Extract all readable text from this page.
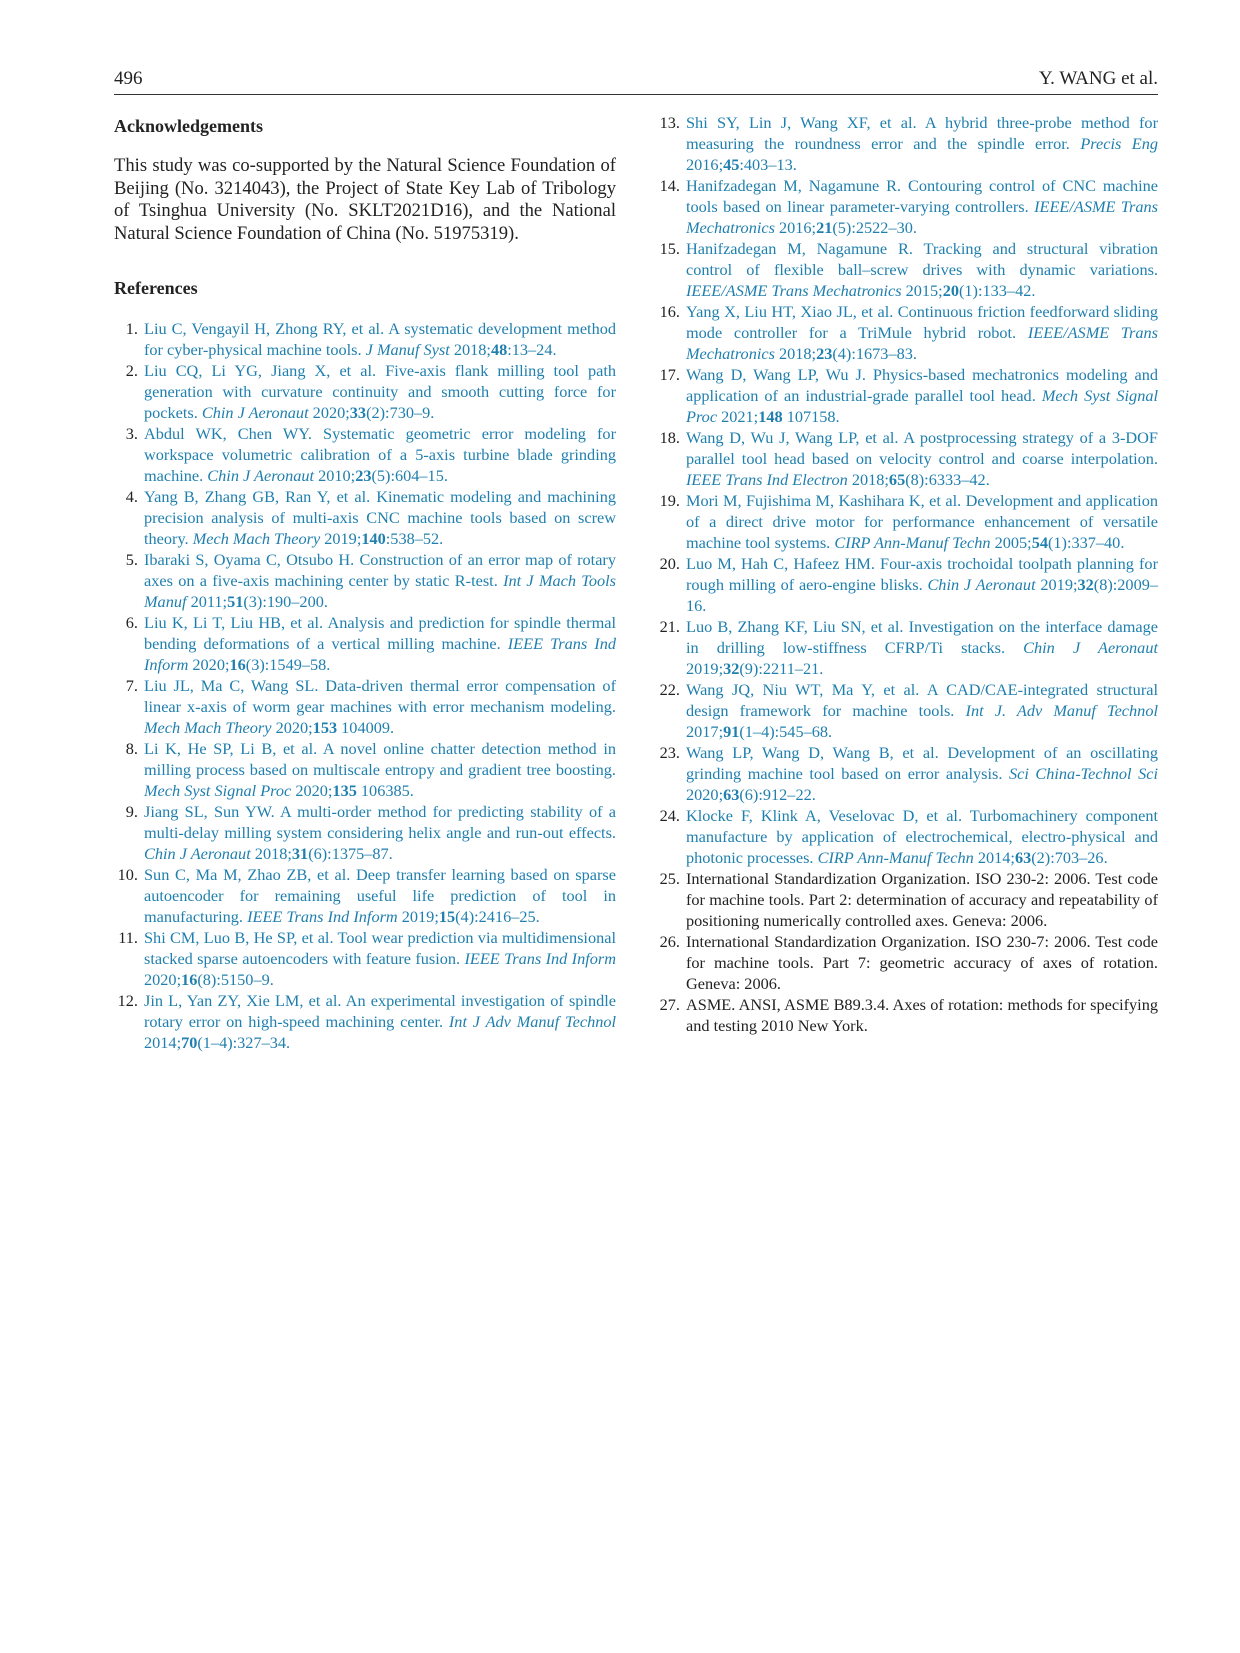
496	Y. WANG et al.
Acknowledgements

This study was co-supported by the Natural Science Foundation of Beijing (No. 3214043), the Project of State Key Lab of Tribology of Tsinghua University (No. SKLT2021D16), and the National Natural Science Foundation of China (No. 51975319).

References
1. Liu C, Vengayil H, Zhong RY, et al. A systematic development method for cyber-physical machine tools. J Manuf Syst 2018;48:13–24.
2. Liu CQ, Li YG, Jiang X, et al. Five-axis flank milling tool path generation with curvature continuity and smooth cutting force for pockets. Chin J Aeronaut 2020;33(2):730–9.
3. Abdul WK, Chen WY. Systematic geometric error modeling for workspace volumetric calibration of a 5-axis turbine blade grinding machine. Chin J Aeronaut 2010;23(5):604–15.
4. Yang B, Zhang GB, Ran Y, et al. Kinematic modeling and machining precision analysis of multi-axis CNC machine tools based on screw theory. Mech Mach Theory 2019;140:538–52.
5. Ibaraki S, Oyama C, Otsubo H. Construction of an error map of rotary axes on a five-axis machining center by static R-test. Int J Mach Tools Manuf 2011;51(3):190–200.
6. Liu K, Li T, Liu HB, et al. Analysis and prediction for spindle thermal bending deformations of a vertical milling machine. IEEE Trans Ind Inform 2020;16(3):1549–58.
7. Liu JL, Ma C, Wang SL. Data-driven thermal error compensation of linear x-axis of worm gear machines with error mechanism modeling. Mech Mach Theory 2020;153 104009.
8. Li K, He SP, Li B, et al. A novel online chatter detection method in milling process based on multiscale entropy and gradient tree boosting. Mech Syst Signal Proc 2020;135 106385.
9. Jiang SL, Sun YW. A multi-order method for predicting stability of a multi-delay milling system considering helix angle and run-out effects. Chin J Aeronaut 2018;31(6):1375–87.
10. Sun C, Ma M, Zhao ZB, et al. Deep transfer learning based on sparse autoencoder for remaining useful life prediction of tool in manufacturing. IEEE Trans Ind Inform 2019;15(4):2416–25.
11. Shi CM, Luo B, He SP, et al. Tool wear prediction via multidimensional stacked sparse autoencoders with feature fusion. IEEE Trans Ind Inform 2020;16(8):5150–9.
12. Jin L, Yan ZY, Xie LM, et al. An experimental investigation of spindle rotary error on high-speed machining center. Int J Adv Manuf Technol 2014;70(1–4):327–34.
13. Shi SY, Lin J, Wang XF, et al. A hybrid three-probe method for measuring the roundness error and the spindle error. Precis Eng 2016;45:403–13.
14. Hanifzadegan M, Nagamune R. Contouring control of CNC machine tools based on linear parameter-varying controllers. IEEE/ASME Trans Mechatronics 2016;21(5):2522–30.
15. Hanifzadegan M, Nagamune R. Tracking and structural vibration control of flexible ball–screw drives with dynamic variations. IEEE/ASME Trans Mechatronics 2015;20(1):133–42.
16. Yang X, Liu HT, Xiao JL, et al. Continuous friction feedforward sliding mode controller for a TriMule hybrid robot. IEEE/ASME Trans Mechatronics 2018;23(4):1673–83.
17. Wang D, Wang LP, Wu J. Physics-based mechatronics modeling and application of an industrial-grade parallel tool head. Mech Syst Signal Proc 2021;148 107158.
18. Wang D, Wu J, Wang LP, et al. A postprocessing strategy of a 3-DOF parallel tool head based on velocity control and coarse interpolation. IEEE Trans Ind Electron 2018;65(8):6333–42.
19. Mori M, Fujishima M, Kashihara K, et al. Development and application of a direct drive motor for performance enhancement of versatile machine tool systems. CIRP Ann-Manuf Techn 2005;54(1):337–40.
20. Luo M, Hah C, Hafeez HM. Four-axis trochoidal toolpath planning for rough milling of aero-engine blisks. Chin J Aeronaut 2019;32(8):2009–16.
21. Luo B, Zhang KF, Liu SN, et al. Investigation on the interface damage in drilling low-stiffness CFRP/Ti stacks. Chin J Aeronaut 2019;32(9):2211–21.
22. Wang JQ, Niu WT, Ma Y, et al. A CAD/CAE-integrated structural design framework for machine tools. Int J. Adv Manuf Technol 2017;91(1–4):545–68.
23. Wang LP, Wang D, Wang B, et al. Development of an oscillating grinding machine tool based on error analysis. Sci China-Technol Sci 2020;63(6):912–22.
24. Klocke F, Klink A, Veselovac D, et al. Turbomachinery component manufacture by application of electrochemical, electro-physical and photonic processes. CIRP Ann-Manuf Techn 2014;63(2):703–26.
25. International Standardization Organization. ISO 230-2: 2006. Test code for machine tools. Part 2: determination of accuracy and repeatability of positioning numerically controlled axes. Geneva: 2006.
26. International Standardization Organization. ISO 230-7: 2006. Test code for machine tools. Part 7: geometric accuracy of axes of rotation. Geneva: 2006.
27. ASME. ANSI, ASME B89.3.4. Axes of rotation: methods for specifying and testing 2010 New York.
